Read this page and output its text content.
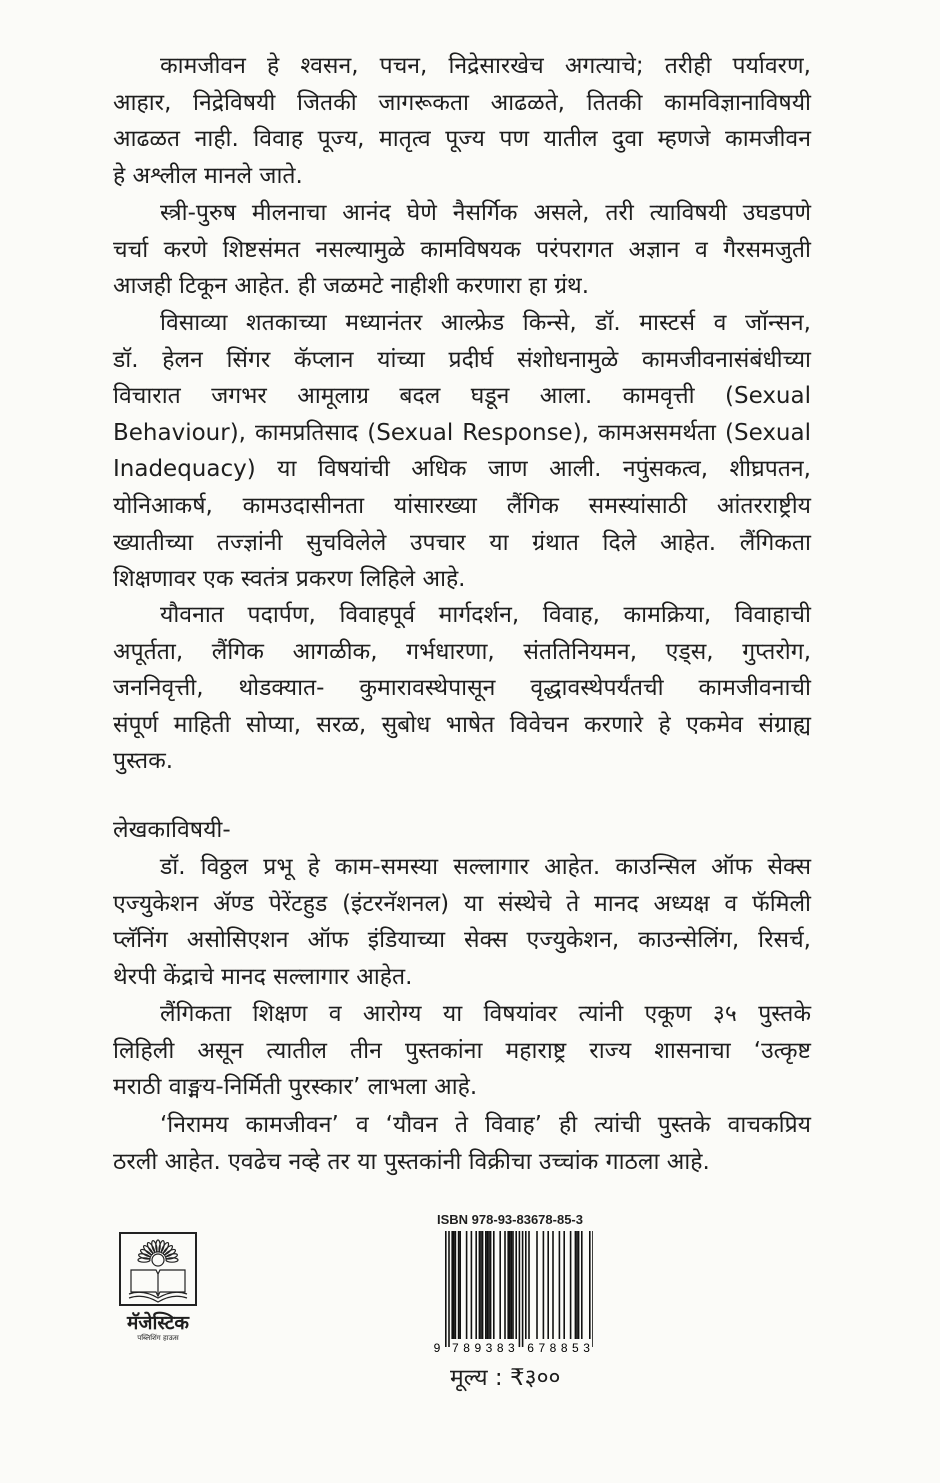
कामजीवन हे श्वसन, पचन, निद्रेसारखेच अगत्याचे; तरीही पर्यावरण,
आहार, निद्रेविषयी जितकी जागरूकता आढळते, तितकी कामविज्ञानाविषयी
आढळत नाही. विवाह पूज्य, मातृत्व पूज्य पण यातील दुवा म्हणजे कामजीवन
हे अश्लील मानले जाते.
स्त्री-पुरुष मीलनाचा आनंद घेणे नैसर्गिक असले, तरी त्याविषयी उघडपणे
चर्चा करणे शिष्टसंमत नसल्यामुळे कामविषयक परंपरागत अज्ञान व गैरसमजुती
आजही टिकून आहेत. ही जळमटे नाहीशी करणारा हा ग्रंथ.
विसाव्या शतकाच्या मध्यानंतर आल्फ्रेड किन्से, डॉ. मास्टर्स व जॉन्सन,
डॉ. हेलन सिंगर कॅप्लान यांच्या प्रदीर्घ संशोधनामुळे कामजीवनासंबंधीच्या
विचारात जगभर आमूलाग्र बदल घडून आला. कामवृत्ती (Sexual
Behaviour), कामप्रतिसाद (Sexual Response), कामअसमर्थता (Sexual
Inadequacy) या विषयांची अधिक जाण आली. नपुंसकत्व, शीघ्रपतन,
योनिआकर्ष, कामउदासीनता यांसारख्या लैंगिक समस्यांसाठी आंतरराष्ट्रीय
ख्यातीच्या तज्ज्ञांनी सुचविलेले उपचार या ग्रंथात दिले आहेत. लैंगिकता
शिक्षणावर एक स्वतंत्र प्रकरण लिहिले आहे.
यौवनात पदार्पण, विवाहपूर्व मार्गदर्शन, विवाह, कामक्रिया, विवाहाची
अपूर्तता, लैंगिक आगळीक, गर्भधारणा, संततिनियमन, एड्स, गुप्तरोग,
जननिवृत्ती, थोडक्यात- कुमारावस्थेपासून वृद्धावस्थेपर्यंतची कामजीवनाची
संपूर्ण माहिती सोप्या, सरळ, सुबोध भाषेत विवेचन करणारे हे एकमेव संग्राह्य
पुस्तक.
डॉ. विठ्ठल प्रभू हे काम-समस्या सल्लागार आहेत. काउन्सिल ऑफ सेक्स
एज्युकेशन ॲण्ड पेरेंटहुड (इंटरनॅशनल) या संस्थेचे ते मानद अध्यक्ष व फॅमिली
प्लॅनिंग असोसिएशन ऑफ इंडियाच्या सेक्स एज्युकेशन, काउन्सेलिंग, रिसर्च,
थेरपी केंद्राचे मानद सल्लागार आहेत.
लैंगिकता शिक्षण व आरोग्य या विषयांवर त्यांनी एकूण ३५ पुस्तके
लिहिली असून त्यातील तीन पुस्तकांना महाराष्ट्र राज्य शासनाचा ‘उत्कृष्ट
मराठी वाङ्मय-निर्मिती पुरस्कार’ लाभला आहे.
‘निरामय कामजीवन’ व ‘यौवन ते विवाह’ ही त्यांची पुस्तके वाचकप्रिय
ठरली आहेत. एवढेच नव्हे तर या पुस्तकांनी विक्रीचा उच्चांक गाठला आहे.
लेखकाविषयी-
मॅजेस्टिक
पब्लिशिंग हाऊस
ISBN 978-93-83678-85-3
9 7 8 9 3 8 3 6 7 8 8 5 3
मूल्य : ₹३००
